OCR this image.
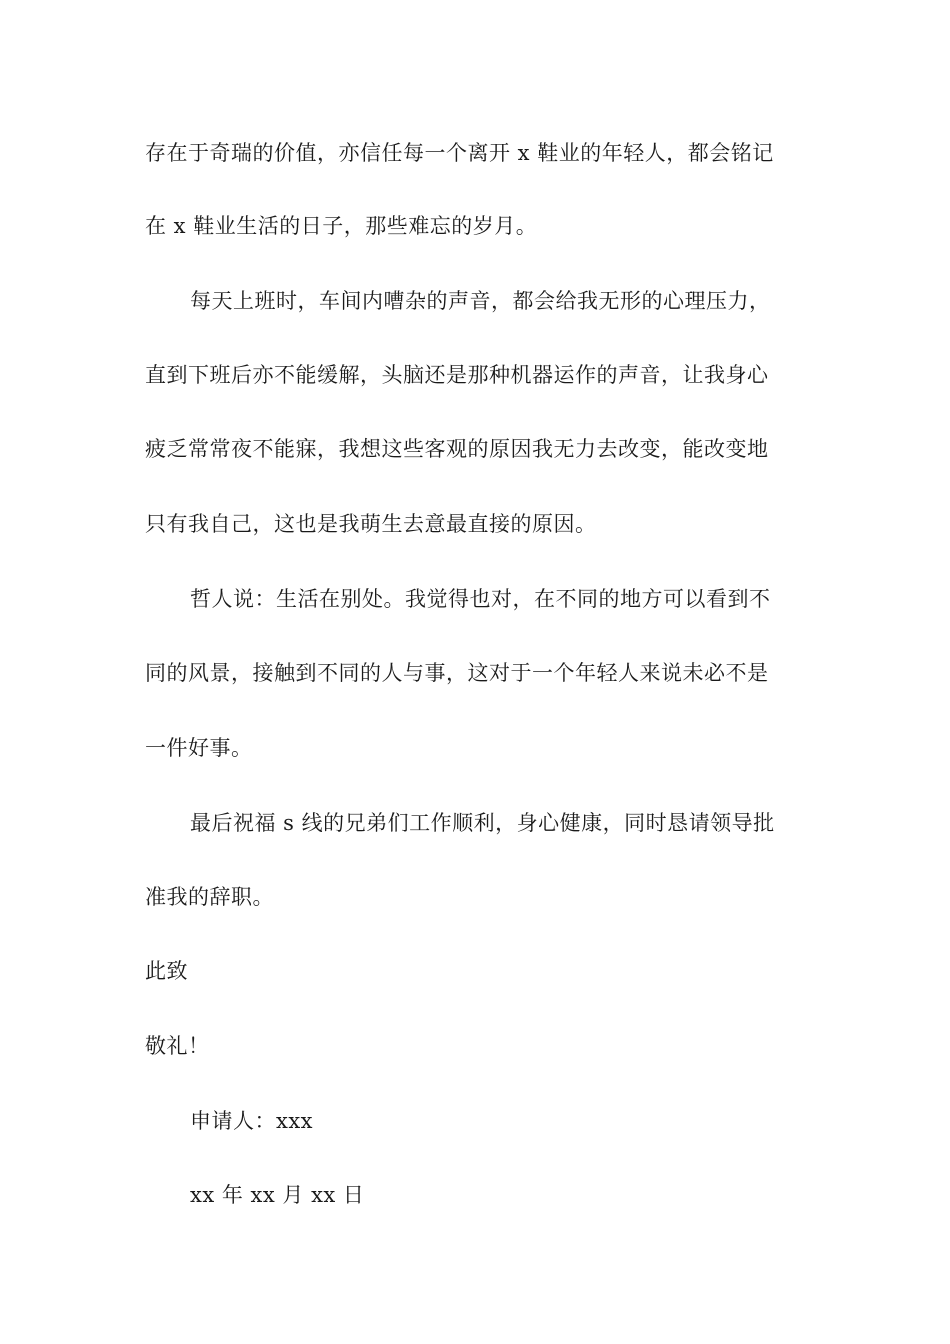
存在于奇瑞的价值，亦信任每一个离开 x 鞋业的年轻人，都会铭记
在 x 鞋业生活的日子，那些难忘的岁月。
每天上班时，车间内嘈杂的声音，都会给我无形的心理压力，
直到下班后亦不能缓解，头脑还是那种机器运作的声音，让我身心
疲乏常常夜不能寐，我想这些客观的原因我无力去改变，能改变地
只有我自己，这也是我萌生去意最直接的原因。
哲人说：生活在别处。我觉得也对，在不同的地方可以看到不
同的风景，接触到不同的人与事，这对于一个年轻人来说未必不是
一件好事。
最后祝福 s 线的兄弟们工作顺利，身心健康，同时恳请领导批
准我的辞职。
此致
敬礼！
申请人：xxx
xx 年 xx 月 xx 日
